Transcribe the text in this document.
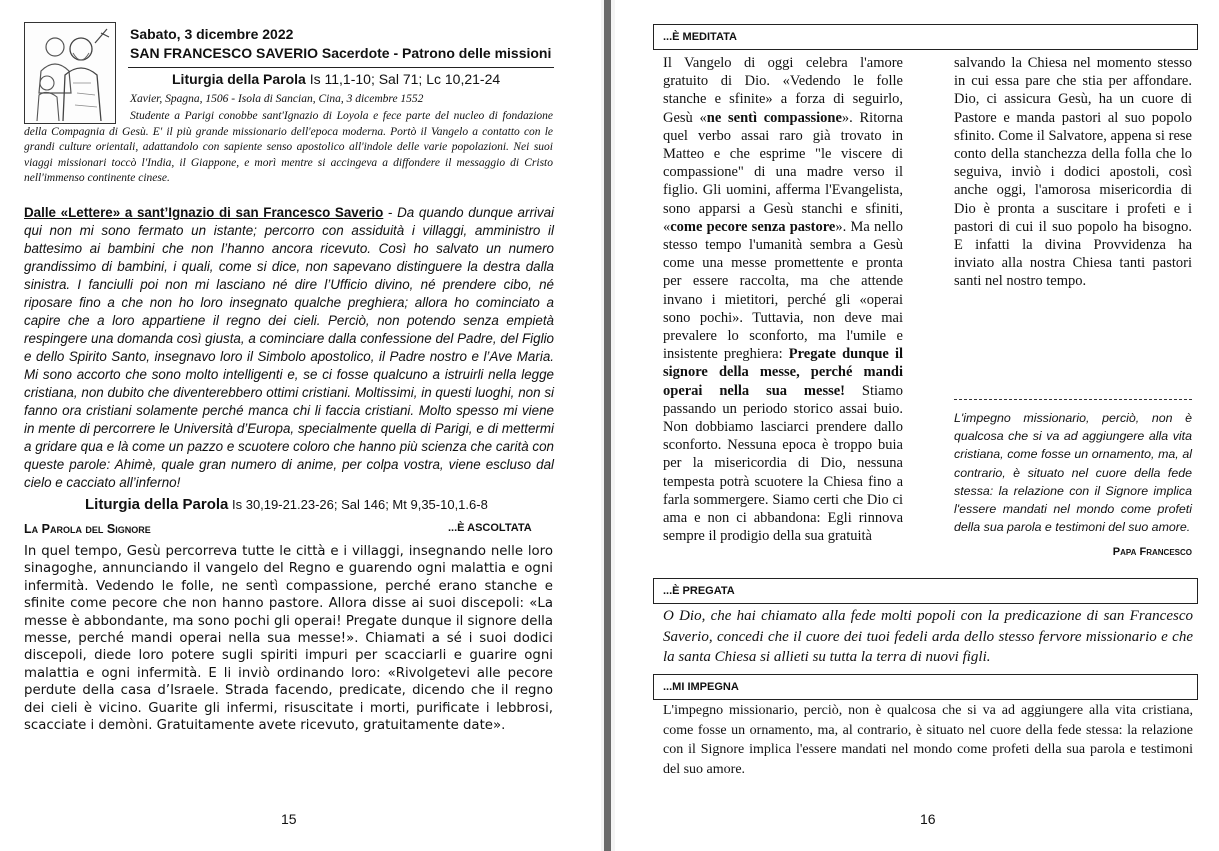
Sabato, 3 dicembre 2022
SAN FRANCESCO SAVERIO Sacerdote - Patrono delle missioni
Liturgia della Parola Is 11,1-10; Sal 71; Lc 10,21-24
Xavier, Spagna, 1506 - Isola di Sancian, Cina, 3 dicembre 1552

Studente a Parigi conobbe sant'Ignazio di Loyola e fece parte del nucleo di fondazione della Compagnia di Gesù. E' il più grande missionario dell'epoca moderna. Portò il Vangelo a contatto con le grandi culture orientali, adattandolo con sapiente senso apostolico all'indole delle varie popolazioni. Nei suoi viaggi missionari toccò l'India, il Giappone, e morì mentre si accingeva a diffondere il messaggio di Cristo nell'immenso continente cinese.

Dalle «Lettere» a sant’Ignazio di san Francesco Saverio - Da quando dunque arrivai qui non mi sono fermato un istante; percorro con assiduità i villaggi, amministro il battesimo ai bambini che non l’hanno ancora ricevuto. Così ho salvato un numero grandissimo di bambini, i quali, come si dice, non sapevano distinguere la destra dalla sinistra. I fanciulli poi non mi lasciano né dire l’Ufficio divino, né prendere cibo, né riposare fino a che non ho loro insegnato qualche preghiera; allora ho cominciato a capire che a loro appartiene il regno dei cieli. Perciò, non potendo senza empietà respingere una domanda così giusta, a cominciare dalla confessione del Padre, del Figlio e dello Spirito Santo, insegnavo loro il Simbolo apostolico, il Padre nostro e l’Ave Maria. Mi sono accorto che sono molto intelligenti e, se ci fosse qualcuno a istruirli nella legge cristiana, non dubito che diventerebbero ottimi cristiani. Moltissimi, in questi luoghi, non si fanno ora cristiani solamente perché manca chi li faccia cristiani. Molto spesso mi viene in mente di percorrere le Università d’Europa, specialmente quella di Parigi, e di mettermi a gridare qua e là come un pazzo e scuotere coloro che hanno più scienza che carità con queste parole: Ahimè, quale gran numero di anime, per colpa vostra, viene escluso dal cielo e cacciato all’inferno!

Liturgia della Parola Is 30,19-21.23-26; Sal 146; Mt 9,35-10,1.6-8
La Parola del Signore	...È ASCOLTATA

In quel tempo, Gesù percorreva tutte le città e i villaggi, insegnando nelle loro sinagoghe, annunciando il vangelo del Regno e guarendo ogni malattia e ogni infermità. Vedendo le folle, ne sentì compassione, perché erano stanche e sfinite come pecore che non hanno pastore. Allora disse ai suoi discepoli: «La messe è abbondante, ma sono pochi gli operai! Pregate dunque il signore della messe, perché mandi operai nella sua messe!». Chiamati a sé i suoi dodici discepoli, diede loro potere sugli spiriti impuri per scacciarli e guarire ogni malattia e ogni infermità. E li inviò ordinando loro: «Rivolgetevi alle pecore perdute della casa d’Israele. Strada facendo, predicate, dicendo che il regno dei cieli è vicino. Guarite gli infermi, risuscitate i morti, purificate i lebbrosi, scacciate i demòni. Gratuitamente avete ricevuto, gratuitamente date».

15
...È MEDITATA
Il Vangelo di oggi celebra l'amore gratuito di Dio. «Vedendo le folle stanche e sfinite» a forza di seguirlo, Gesù «ne sentì compassione». Ritorna quel verbo assai raro già trovato in Matteo e che esprime "le viscere di compassione" di una madre verso il figlio. Gli uomini, afferma l'Evangelista, sono apparsi a Gesù stanchi e sfiniti, «come pecore senza pastore». Ma nello stesso tempo l'umanità sembra a Gesù come una messe promettente e pronta per essere raccolta, ma che attende invano i mietitori, perché gli «operai sono pochi». Tuttavia, non deve mai prevalere lo sconforto, ma l'umile e insistente preghiera: Pregate dunque il signore della messe, perché mandi operai nella sua messe! Stiamo passando un periodo storico assai buio. Non dobbiamo lasciarci prendere dallo sconforto. Nessuna epoca è troppo buia per la misericordia di Dio, nessuna tempesta potrà scuotere la Chiesa fino a farla sommergere. Siamo certi che Dio ci ama e non ci abbandona: Egli rinnova sempre il prodigio della sua gratuità
salvando la Chiesa nel momento stesso in cui essa pare che stia per affondare. Dio, ci assicura Gesù, ha un cuore di Pastore e manda pastori al suo popolo sfinito. Come il Salvatore, appena si rese conto della stanchezza della folla che lo seguiva, inviò i dodici apostoli, così anche oggi, l'amorosa misericordia di Dio è pronta a suscitare i profeti e i pastori di cui il suo popolo ha bisogno. E infatti la divina Provvidenza ha inviato alla nostra Chiesa tanti pastori santi nel nostro tempo.

L'impegno missionario, perciò, non è qualcosa che si va ad aggiungere alla vita cristiana, come fosse un ornamento, ma, al contrario, è situato nel cuore della fede stessa: la relazione con il Signore implica l'essere mandati nel mondo come profeti della sua parola e testimoni del suo amore.

Papa Francesco
...È PREGATA

O Dio, che hai chiamato alla fede molti popoli con la predicazione di san Francesco Saverio, concedi che il cuore dei tuoi fedeli arda dello stesso fervore missionario e che la santa Chiesa si allieti su tutta la terra di nuovi figli.

...MI IMPEGNA

L'impegno missionario, perciò, non è qualcosa che si va ad aggiungere alla vita cristiana, come fosse un ornamento, ma, al contrario, è situato nel cuore della fede stessa: la relazione con il Signore implica l'essere mandati nel mondo come profeti della sua parola e testimoni del suo amore.

16
